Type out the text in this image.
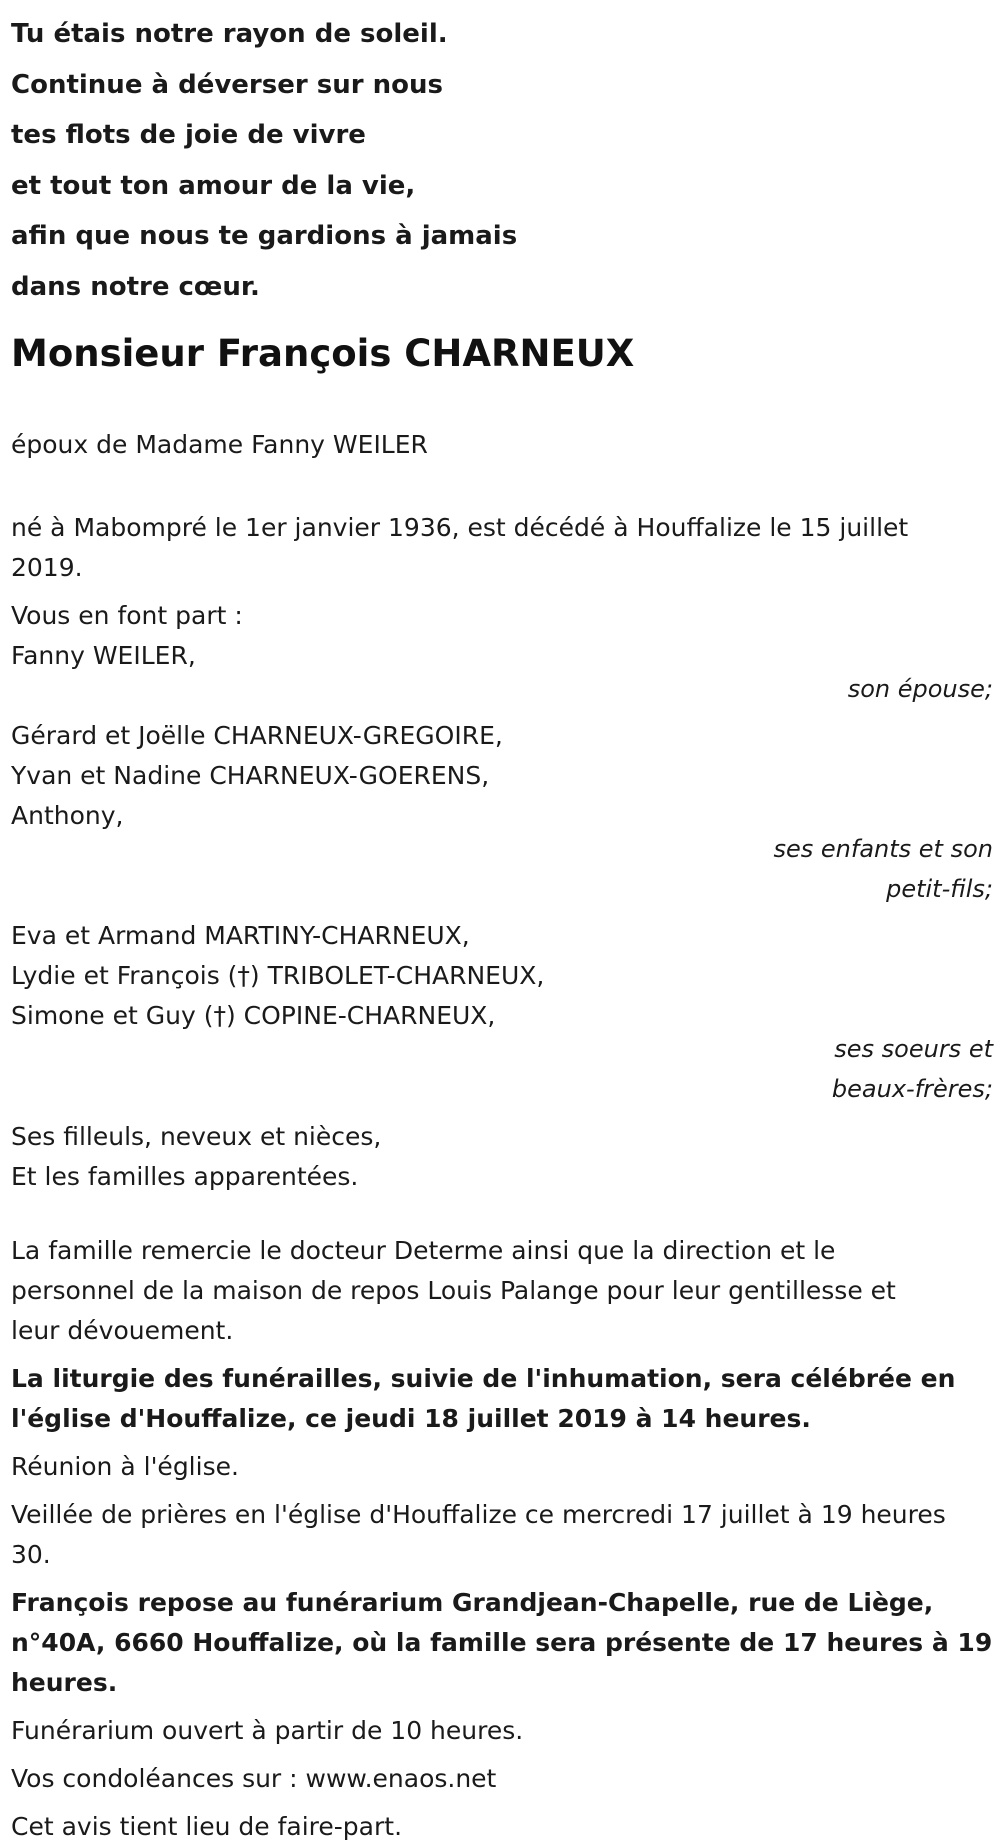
Tu étais notre rayon de soleil.
Continue à déverser sur nous
tes flots de joie de vivre
et tout ton amour de la vie,
afin que nous te gardions à jamais
dans notre cœur.
Monsieur François CHARNEUX

époux de Madame Fanny WEILER

né à Mabompré le 1er janvier 1936, est décédé à Houffalize le 15 juillet
2019.
Vous en font part :
Fanny WEILER,
son épouse;
Gérard et Joëlle CHARNEUX-GREGOIRE,
Yvan et Nadine CHARNEUX-GOERENS,
Anthony,
ses enfants et son
petit-fils;
Eva et Armand MARTINY-CHARNEUX,
Lydie et François (†) TRIBOLET-CHARNEUX,
Simone et Guy (†) COPINE-CHARNEUX,
ses soeurs et
beaux-frères;
Ses filleuls, neveux et nièces,
Et les familles apparentées.
La famille remercie le docteur Determe ainsi que la direction et le
personnel de la maison de repos Louis Palange pour leur gentillesse et
leur dévouement.
La liturgie des funérailles, suivie de l'inhumation, sera célébrée en
l'église d'Houffalize, ce jeudi 18 juillet 2019 à 14 heures.
Réunion à l'église.
Veillée de prières en l'église d'Houffalize ce mercredi 17 juillet à 19 heures
30.
François repose au funérarium Grandjean-Chapelle, rue de Liège,
n°40A, 6660 Houffalize, où la famille sera présente de 17 heures à 19
heures.
Funérarium ouvert à partir de 10 heures.
Vos condoléances sur : www.enaos.net
Cet avis tient lieu de faire-part.
